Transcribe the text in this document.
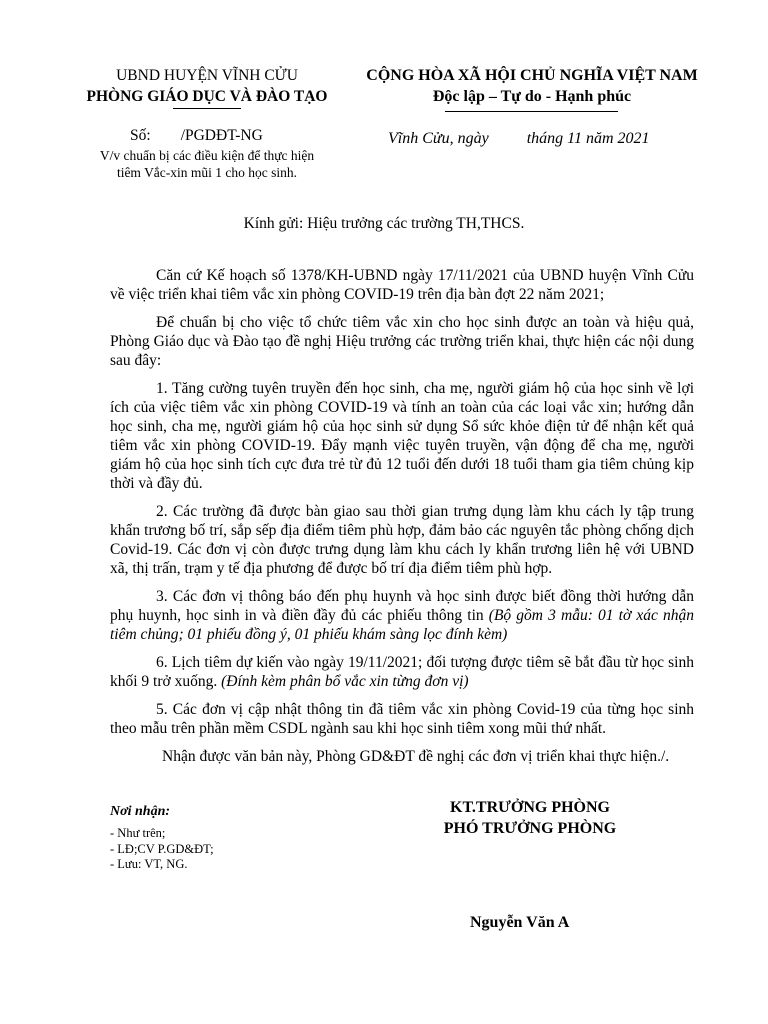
UBND HUYỆN VĨNH CỬU
PHÒNG GIÁO DỤC VÀ ĐÀO TẠO
CỘNG HÒA XÃ HỘI CHỦ NGHĨA VIỆT NAM
Độc lập – Tự do - Hạnh phúc
Số: /PGDĐT-NG
V/v chuẩn bị các điều kiện để thực hiện
tiêm Vắc-xin mũi 1 cho học sinh.
Vĩnh Cửu, ngày tháng 11 năm 2021
Kính gửi: Hiệu trưởng các trường TH,THCS.

Căn cứ Kế hoạch số 1378/KH-UBND ngày 17/11/2021 của UBND huyện Vĩnh Cửu về việc triển khai tiêm vắc xin phòng COVID-19 trên địa bàn đợt 22 năm 2021;

Để chuẩn bị cho việc tổ chức tiêm vắc xin cho học sinh được an toàn và hiệu quả, Phòng Giáo dục và Đào tạo đề nghị Hiệu trưởng các trường triển khai, thực hiện các nội dung sau đây:

1. Tăng cường tuyên truyền đến học sinh, cha mẹ, người giám hộ của học sinh về lợi ích của việc tiêm vắc xin phòng COVID-19 và tính an toàn của các loại vắc xin; hướng dẫn học sinh, cha mẹ, người giám hộ của học sinh sử dụng Sổ sức khỏe điện tử để nhận kết quả tiêm vắc xin phòng COVID-19. Đẩy mạnh việc tuyên truyền, vận động để cha mẹ, người giám hộ của học sinh tích cực đưa trẻ từ đủ 12 tuổi đến dưới 18 tuổi tham gia tiêm chủng kịp thời và đầy đủ.

2. Các trường đã được bàn giao sau thời gian trưng dụng làm khu cách ly tập trung khẩn trương bố trí, sắp sếp địa điểm tiêm phù hợp, đảm bảo các nguyên tắc phòng chống dịch Covid-19. Các đơn vị còn được trưng dụng làm khu cách ly khẩn trương liên hệ với UBND xã, thị trấn, trạm y tế địa phương để được bố trí địa điểm tiêm phù hợp.

3. Các đơn vị thông báo đến phụ huynh và học sinh được biết đồng thời hướng dẫn phụ huynh, học sinh in và điền đầy đủ các phiếu thông tin (Bộ gồm 3 mẫu: 01 tờ xác nhận tiêm chủng; 01 phiếu đồng ý, 01 phiếu khám sàng lọc đính kèm)

6. Lịch tiêm dự kiến vào ngày 19/11/2021; đối tượng được tiêm sẽ bắt đầu từ học sinh khối 9 trở xuống. (Đính kèm phân bổ vắc xin từng đơn vị)

5. Các đơn vị cập nhật thông tin đã tiêm vắc xin phòng Covid-19 của từng học sinh theo mẫu trên phần mềm CSDL ngành sau khi học sinh tiêm xong mũi thứ nhất.

Nhận được văn bản này, Phòng GD&ĐT đề nghị các đơn vị triển khai thực hiện./.

Nơi nhận:
- Như trên;
- LĐ;CV P.GD&ĐT;
- Lưu: VT, NG.
KT.TRƯỞNG PHÒNG
PHÓ TRƯỞNG PHÒNG
Nguyễn Văn A
